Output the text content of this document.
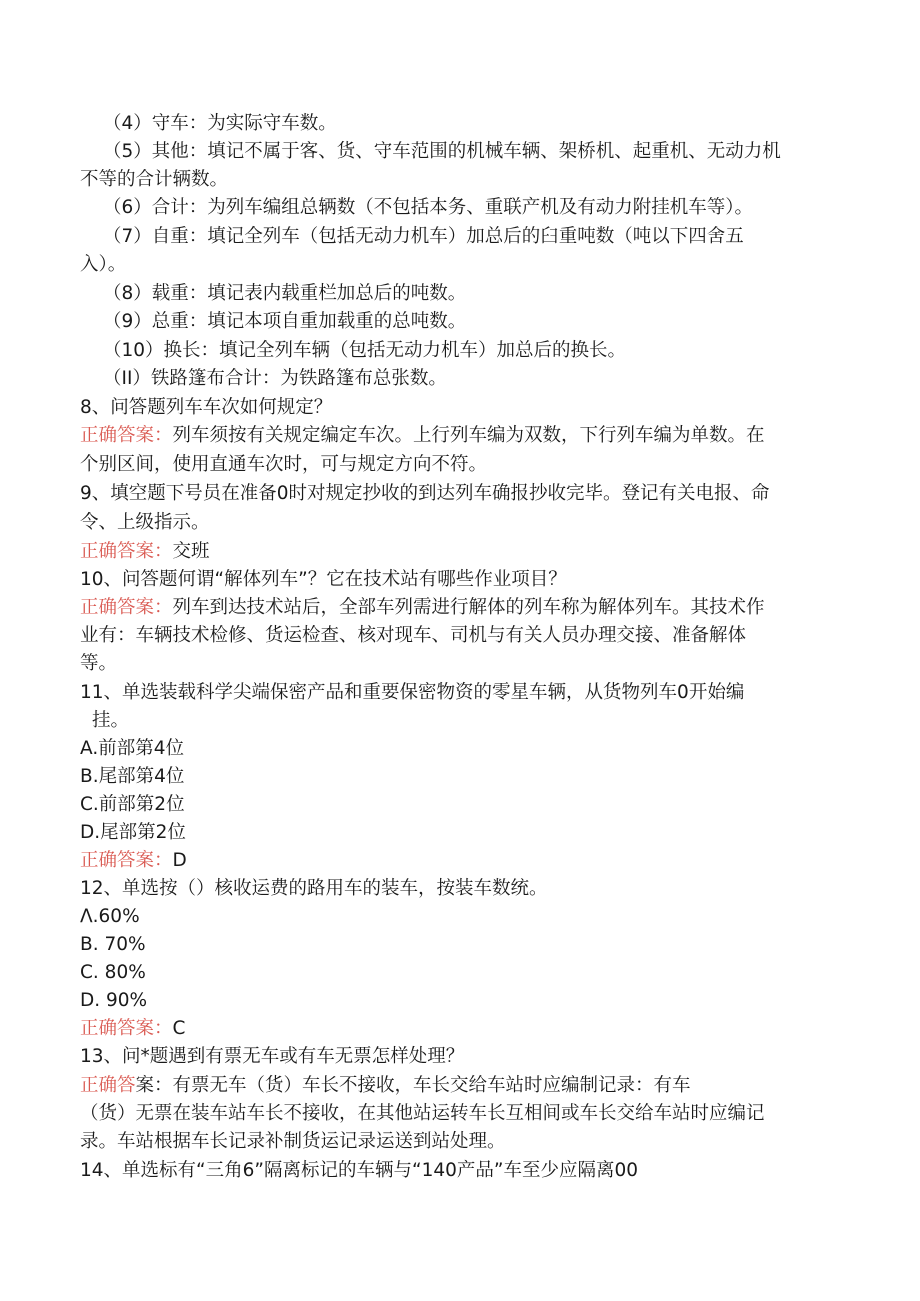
（4）守车：为实际守车数。
（5）其他：填记不属于客、货、守车范围的机械车辆、架桥机、起重机、无动力机
不等的合计辆数。
（6）合计：为列车编组总辆数（不包括本务、重联产机及有动力附挂机车等）。
（7）自重：填记全列车（包括无动力机车）加总后的臼重吨数（吨以下四舍五
入）。
（8）载重：填记表内载重栏加总后的吨数。
（9）总重：填记本项自重加载重的总吨数。
（10）换长：填记全列车辆（包括无动力机车）加总后的换长。
（II）铁路篷布合计：为铁路篷布总张数。
8、问答题列车车次如何规定？
正确答案：列车须按有关规定编定车次。上行列车编为双数，下行列车编为单数。在
个别区间，使用直通车次时，可与规定方向不符。
9、填空题下号员在准备0时对规定抄收的到达列车确报抄收完毕。登记有关电报、命
令、上级指示。
正确答案：交班
10、问答题何谓“解体列车”？它在技术站有哪些作业项目？
正确答案：列车到达技术站后，全部车列需进行解体的列车称为解体列车。其技术作
业有：车辆技术检修、货运检查、核对现车、司机与有关人员办理交接、准备解体
等。
11、单选装载科学尖端保密产品和重要保密物资的零星车辆，从货物列车0开始编
挂。
A.前部第4位
B.尾部第4位
C.前部第2位
D.尾部第2位
正确答案：D
12、单选按（）核收运费的路用车的装车，按装车数统。
Λ.60%
B. 70%
C. 80%
D. 90%
正确答案：C
13、问*题遇到有票无车或有车无票怎样处理？
正确答案：有票无车（货）车长不接收，车长交给车站时应编制记录：有车
（货）无票在装车站车长不接收，在其他站运转车长互相间或车长交给车站时应编记
录。车站根据车长记录补制货运记录运送到站处理。
14、单选标有“三角6”隔离标记的车辆与“140产品”车至少应隔离00
